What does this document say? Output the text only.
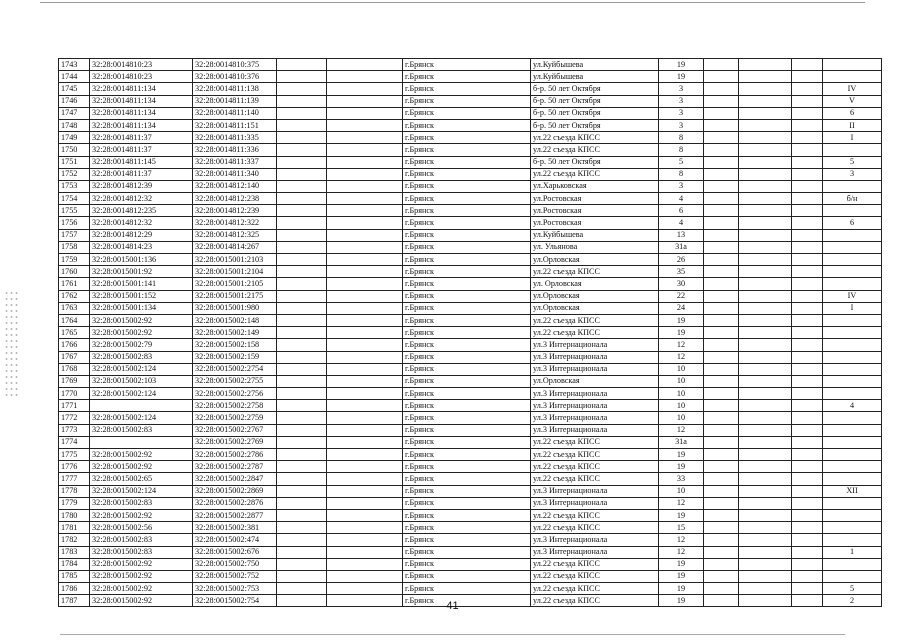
1743	32:28:0014810:23	32:28:0014810:375			г.Брянск	ул.Куйбышева	19				
1744	32:28:0014810:23	32:28:0014810:376			г.Брянск	ул.Куйбышева	19				
1745	32:28:0014811:134	32:28:0014811:138			г.Брянск	б-р. 50 лет Октября	3				IV
1746	32:28:0014811:134	32:28:0014811:139			г.Брянск	б-р. 50 лет Октября	3				V
1747	32:28:0014811:134	32:28:0014811:140			г.Брянск	б-р. 50 лет Октября	3				6
1748	32:28:0014811:134	32:28:0014811:151			г.Брянск	б-р. 50 лет Октября	3				II
1749	32:28:0014811:37	32:28:0014811:335			г.Брянск	ул.22 съезда КПСС	8				I
1750	32:28:0014811:37	32:28:0014811:336			г.Брянск	ул.22 съезда КПСС	8				
1751	32:28:0014811:145	32:28:0014811:337			г.Брянск	б-р. 50 лет Октября	5				5
1752	32:28:0014811:37	32:28:0014811:340			г.Брянск	ул.22 съезда КПСС	8				3
1753	32:28:0014812:39	32:28:0014812:140			г.Брянск	ул.Харьковская	3				
1754	32:28:0014812:32	32:28:0014812:238			г.Брянск	ул.Ростовская	4				б/н
1755	32:28:0014812:235	32:28:0014812:239			г.Брянск	ул.Ростовская	6				
1756	32:28:0014812:32	32:28:0014812:322			г.Брянск	ул.Ростовская	4				6
1757	32:28:0014812:29	32:28:0014812:325			г.Брянск	ул.Куйбышева	13				
1758	32:28:0014814:23	32:28:0014814:267			г.Брянск	ул. Ульянова	31а				
1759	32:28:0015001:136	32:28:0015001:2103			г.Брянск	ул.Орловская	26				
1760	32:28:0015001:92	32:28:0015001:2104			г.Брянск	ул.22 съезда КПСС	35				
1761	32:28:0015001:141	32:28:0015001:2105			г.Брянск	ул. Орловская	30				
1762	32:28:0015001:152	32:28:0015001:2175			г.Брянск	ул.Орловская	22				IV
1763	32:28:0015001:134	32:28:0015001:980			г.Брянск	ул.Орловская	24				I
1764	32:28:0015002:92	32:28:0015002:148			г.Брянск	ул.22 съезда КПСС	19				
1765	32:28:0015002:92	32:28:0015002:149			г.Брянск	ул.22 съезда КПСС	19				
1766	32:28:0015002:79	32:28:0015002:158			г.Брянск	ул.3 Интернационала	12				
1767	32:28:0015002:83	32:28:0015002:159			г.Брянск	ул.3 Интернационала	12				
1768	32:28:0015002:124	32:28:0015002:2754			г.Брянск	ул.3 Интернационала	10				
1769	32:28:0015002:103	32:28:0015002:2755			г.Брянск	ул.Орловская	10				
1770	32:28:0015002:124	32:28:0015002:2756			г.Брянск	ул.3 Интернационала	10				
1771		32:28:0015002:2758			г.Брянск	ул.3 Интернационала	10				4
1772	32:28:0015002:124	32:28:0015002:2759			г.Брянск	ул.3 Интернационала	10				
1773	32:28:0015002:83	32:28:0015002:2767			г.Брянск	ул.3 Интернационала	12				
1774		32:28:0015002:2769			г.Брянск	ул.22 съезда КПСС	31а				
1775	32:28:0015002:92	32:28:0015002:2786			г.Брянск	ул.22 съезда КПСС	19				
1776	32:28:0015002:92	32:28:0015002:2787			г.Брянск	ул.22 съезда КПСС	19				
1777	32:28:0015002:65	32:28:0015002:2847			г.Брянск	ул.22 съезда КПСС	33				
1778	32:28:0015002:124	32:28:0015002:2869			г.Брянск	ул.3 Интернационала	10				XII
1779	32:28:0015002:83	32:28:0015002:2876			г.Брянск	ул.3 Интернационала	12				
1780	32:28:0015002:92	32:28:0015002:2877			г.Брянск	ул.22 съезда КПСС	19				
1781	32:28:0015002:56	32:28:0015002:381			г.Брянск	ул.22 съезда КПСС	15				
1782	32:28:0015002:83	32:28:0015002:474			г.Брянск	ул.3 Интернационала	12				
1783	32:28:0015002:83	32:28:0015002:676			г.Брянск	ул.3 Интернационала	12				1
1784	32:28:0015002:92	32:28:0015002:750			г.Брянск	ул.22 съезда КПСС	19				
1785	32:28:0015002:92	32:28:0015002:752			г.Брянск	ул.22 съезда КПСС	19				
1786	32:28:0015002:92	32:28:0015002:753			г.Брянск	ул.22 съезда КПСС	19				5
1787	32:28:0015002:92	32:28:0015002:754			г.Брянск	ул.22 съезда КПСС	19				2
41
